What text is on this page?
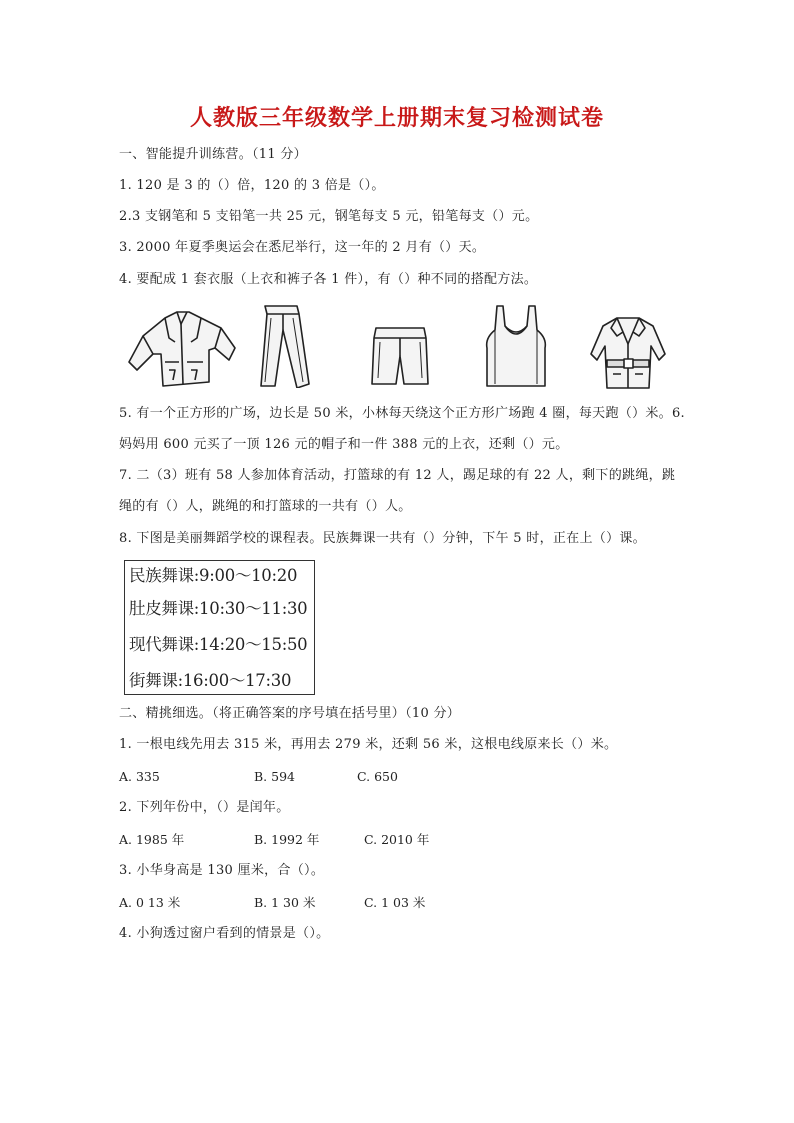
人教版三年级数学上册期末复习检测试卷
一、智能提升训练营。（11 分）
1. 120 是 3 的（）倍，120 的 3 倍是（）。
2.3 支钢笔和 5 支铅笔一共 25 元，钢笔每支 5 元，铅笔每支（）元。
3. 2000 年夏季奥运会在悉尼举行，这一年的 2 月有（）天。
4. 要配成 1 套衣服（上衣和裤子各 1 件），有（）种不同的搭配方法。
5. 有一个正方形的广场，边长是 50 米，小林每天绕这个正方形广场跑 4 圈，每天跑（）米。6.
妈妈用 600 元买了一顶 126 元的帽子和一件 388 元的上衣，还剩（）元。
7. 二（3）班有 58 人参加体育活动，打篮球的有 12 人，踢足球的有 22 人，剩下的跳绳，跳
绳的有（）人，跳绳的和打篮球的一共有（）人。
8. 下图是美丽舞蹈学校的课程表。民族舞课一共有（）分钟，下午 5 时，正在上（）课。
民族舞课:9:00～10:20
肚皮舞课:10:30～11:30
现代舞课:14:20～15:50
街舞课:16:00～17:30
二、精挑细选。（将正确答案的序号填在括号里）（10 分）
1. 一根电线先用去 315 米，再用去 279 米，还剩 56 米，这根电线原来长（）米。
A. 335	B. 594	C. 650
2. 下列年份中，（）是闰年。
A. 1985 年	B. 1992 年	C. 2010 年
3. 小华身高是 130 厘米，合（）。
A. 0 13 米	B. 1 30 米	C. 1 03 米
4. 小狗透过窗户看到的情景是（）。
